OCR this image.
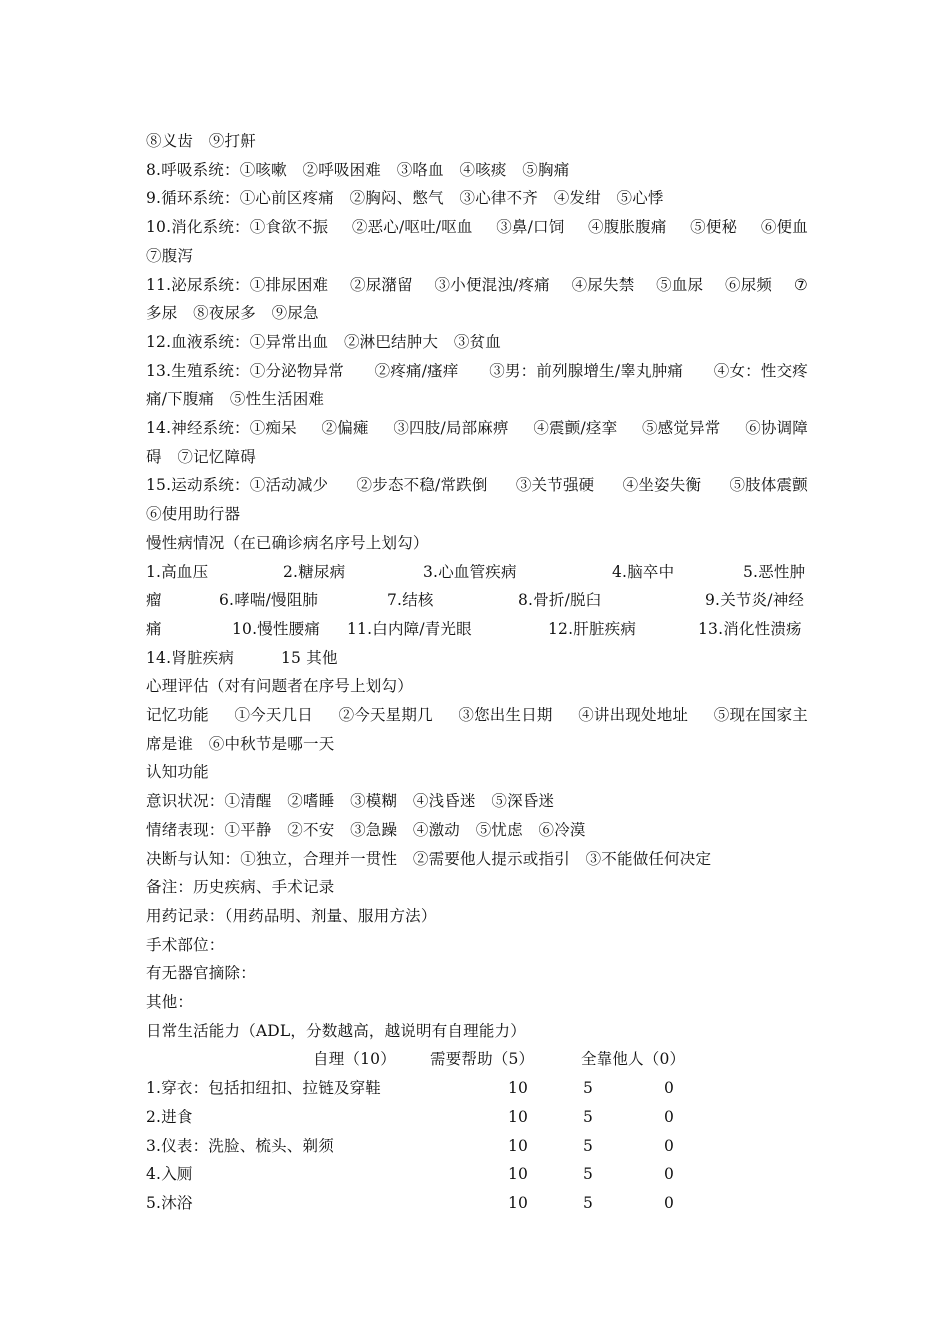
⑧义齿　⑨打鼾
8.呼吸系统：①咳嗽　②呼吸困难　③咯血　④咳痰　⑤胸痛
9.循环系统：①心前区疼痛　②胸闷、憋气　③心律不齐　④发绀　⑤心悸
10.消化系统：①食欲不振 ②恶心/呕吐/呕血 ③鼻/口饲 ④腹胀腹痛 ⑤便秘 ⑥便血
⑦腹泻
11.泌尿系统：①排尿困难 ②尿潴留 ③小便混浊/疼痛 ④尿失禁 ⑤血尿 ⑥尿频 ⑦
多尿　⑧夜尿多　⑨尿急
12.血液系统：①异常出血　②淋巴结肿大　③贫血
13.生殖系统：①分泌物异常 ②疼痛/瘙痒 ③男：前列腺增生/睾丸肿痛 ④女：性交疼
痛/下腹痛　⑤性生活困难
14.神经系统：①痴呆 ②偏瘫 ③四肢/局部麻痹 ④震颤/痉挛 ⑤感觉异常 ⑥协调障
碍　⑦记忆障碍
15.运动系统：①活动减少 ②步态不稳/常跌倒 ③关节强硬 ④坐姿失衡 ⑤肢体震颤
⑥使用助行器
慢性病情况（在已确诊病名序号上划勾）
1.高血压	2.糖尿病	3.心血管疾病	4.脑卒中	5.恶性肿
瘤	6.哮喘/慢阻肺	7.结核	8.骨折/脱臼	9.关节炎/神经
痛	10.慢性腰痛 11.白内障/青光眼	12.肝脏疾病	13.消化性溃疡
14.肾脏疾病	15 其他
心理评估（对有问题者在序号上划勾）
记忆功能 ①今天几日 ②今天星期几 ③您出生日期 ④讲出现处地址 ⑤现在国家主
席是谁　⑥中秋节是哪一天
认知功能
意识状况：①清醒　②嗜睡　③模糊　④浅昏迷　⑤深昏迷
情绪表现：①平静　②不安　③急躁　④激动　⑤忧虑　⑥冷漠
决断与认知：①独立，合理并一贯性　②需要他人提示或指引　③不能做任何决定
备注：历史疾病、手术记录
用药记录：（用药品明、剂量、服用方法）
手术部位：
有无器官摘除：
其他：
日常生活能力（ADL，分数越高，越说明有自理能力）
自理（10） 需要帮助（5）	全靠他人（0）
1.穿衣：包括扣纽扣、拉链及穿鞋	10	5	0
2.进食	10	5	0
3.仪表：洗脸、梳头、剃须	10	5	0
4.入厕	10	5	0
5.沐浴	10	5	0
